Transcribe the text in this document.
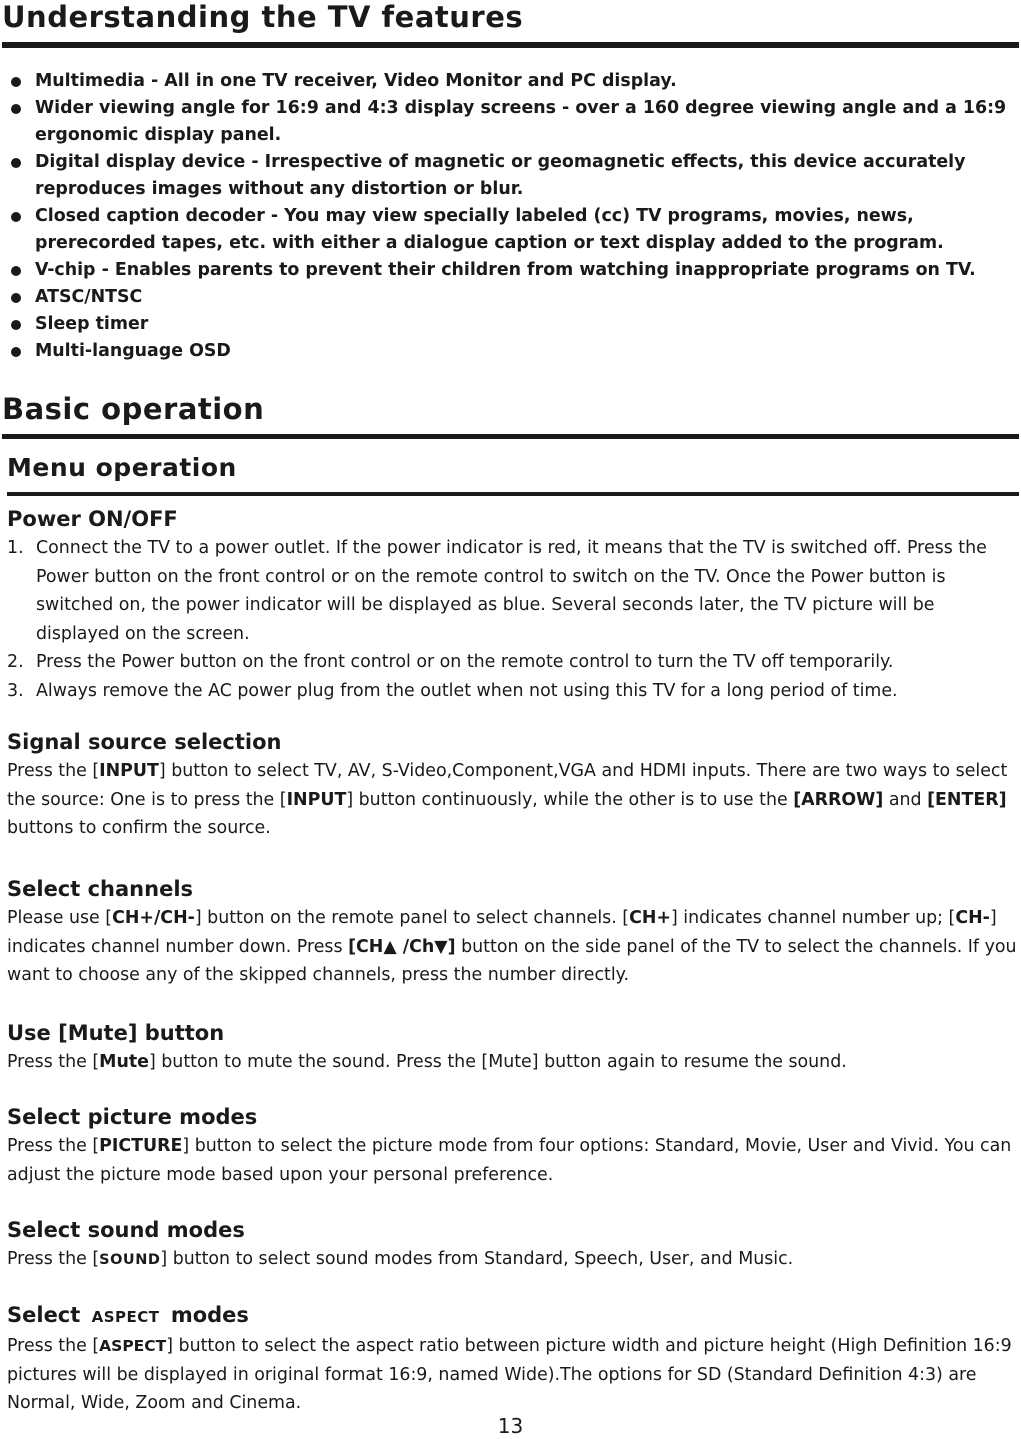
Understanding the TV features
Multimedia - All in one TV receiver, Video Monitor and PC display.
Wider viewing angle for 16:9 and 4:3 display screens - over a 160 degree viewing angle and a 16:9 ergonomic display panel.
Digital display device - Irrespective of magnetic or geomagnetic effects, this device accurately reproduces images without any distortion or blur.
Closed caption decoder - You may view specially labeled (cc) TV programs, movies, news, prerecorded tapes, etc. with either a dialogue caption or text display added to the program.
V-chip - Enables parents to prevent their children from watching inappropriate programs on TV.
ATSC/NTSC
Sleep timer
Multi-language OSD
Basic operation
Menu operation
Power ON/OFF
1. Connect the TV to a power outlet. If the power indicator is red, it means that the TV is switched off. Press the Power button on the front control or on the remote control to switch on the TV. Once the Power button is switched on, the power indicator will be displayed as blue. Several seconds later, the TV picture will be displayed on the screen.
2. Press the Power button on the front control or on the remote control to turn the TV off temporarily.
3. Always remove the AC power plug from the outlet when not using this TV for a long period of time.
Signal source selection

Press the [INPUT] button to select TV, AV, S-Video,Component,VGA and HDMI inputs. There are two ways to select the source: One is to press the [INPUT] button continuously, while the other is to use the [ARROW] and [ENTER] buttons to confirm the source.

Select channels

Please use [CH+/CH-] button on the remote panel to select channels. [CH+] indicates channel number up; [CH-] indicates channel number down. Press [CH▲ /Ch▼] button on the side panel of the TV to select the channels. If you want to choose any of the skipped channels, press the number directly.

Use [Mute] button

Press the [Mute] button to mute the sound. Press the [Mute] button again to resume the sound.

Select picture modes

Press the [PICTURE] button to select the picture mode from four options: Standard, Movie, User and Vivid. You can adjust the picture mode based upon your personal preference.

Select sound modes

Press the [SOUND] button to select sound modes from Standard, Speech, User, and Music.

Select ASPECT modes

Press the [ASPECT] button to select the aspect ratio between picture width and picture height (High Definition 16:9 pictures will be displayed in original format 16:9, named Wide).The options for SD (Standard Definition 4:3) are Normal, Wide, Zoom and Cinema.

13
